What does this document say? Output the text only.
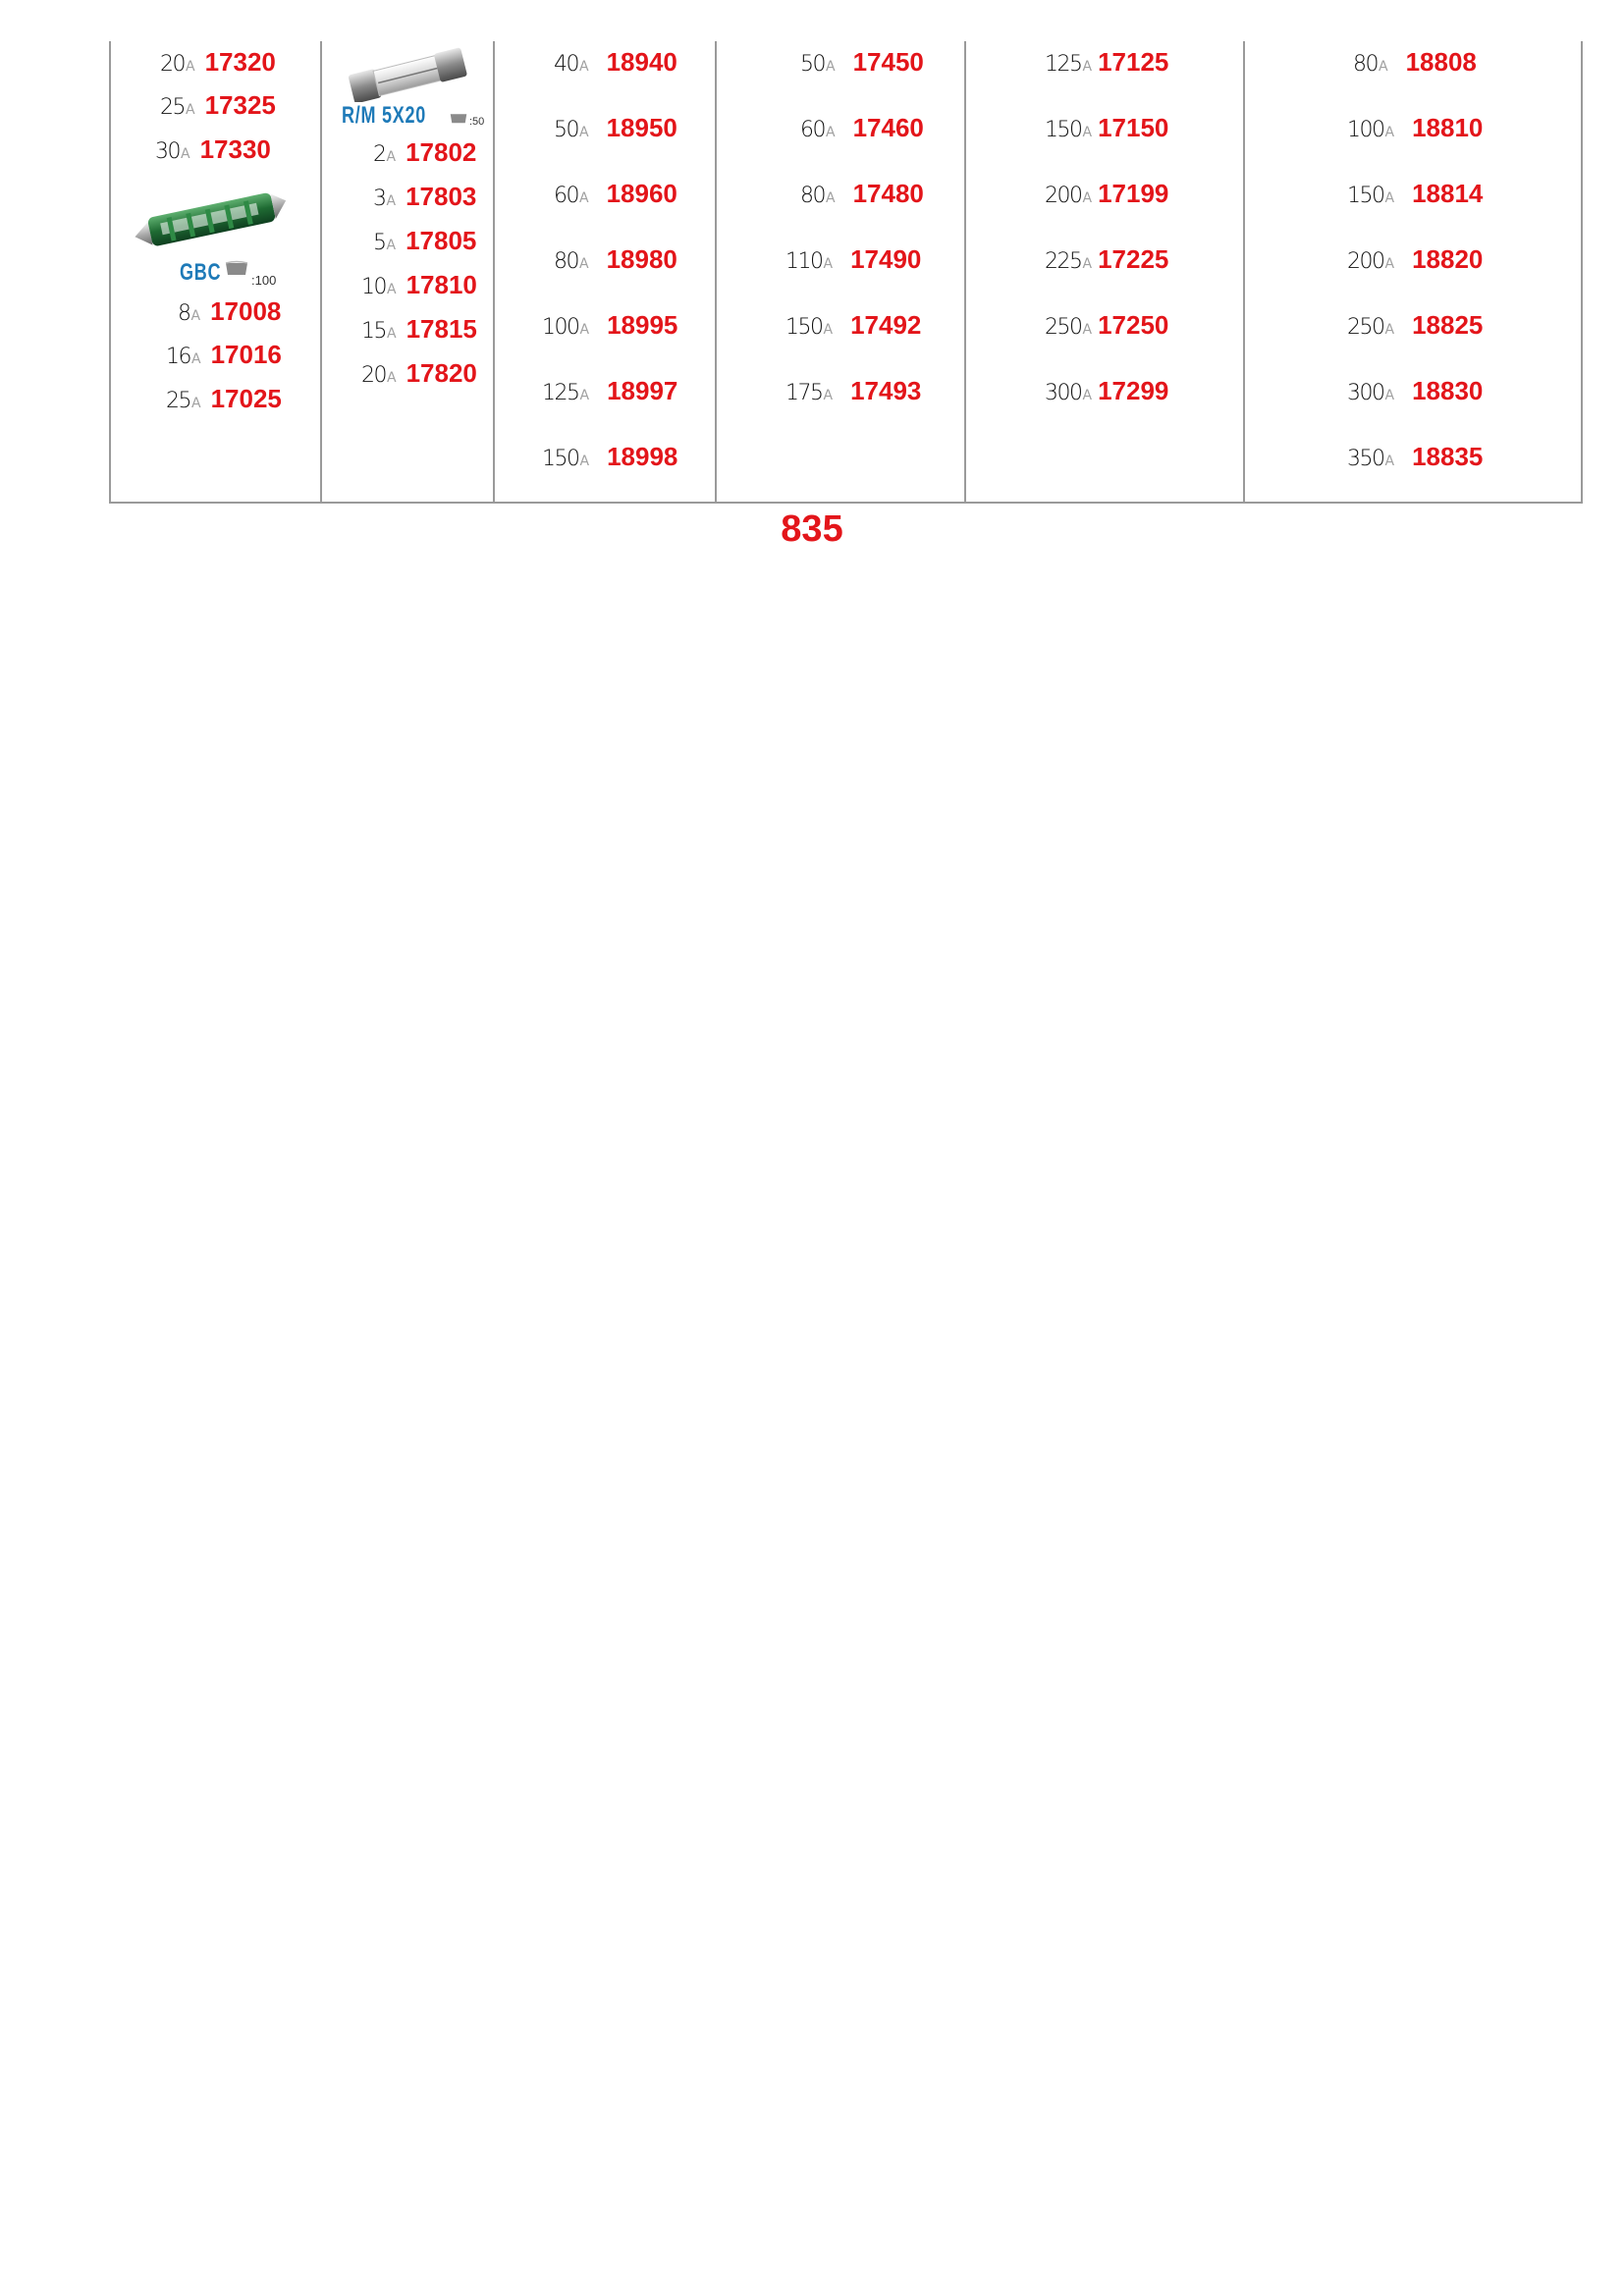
20A 17320
25A 17325
30A 17330
GBC :100
8A 17008
16A 17016
25A 17025
R/M 5X20	:50
2A 17802
3A 17803
5A 17805
10A 17810
15A 17815
20A 17820
40A 18940
50A 18950
60A 18960
80A 18980
100A 18995
125A 18997
150A 18998
50A 17450
60A 17460
80A 17480
110A 17490
150A 17492
175A 17493
125A 17125
150A 17150
200A 17199
225A 17225
250A 17250
300A 17299
80A 18808
100A 18810
150A 18814
200A 18820
250A 18825
300A 18830
350A 18835
835
